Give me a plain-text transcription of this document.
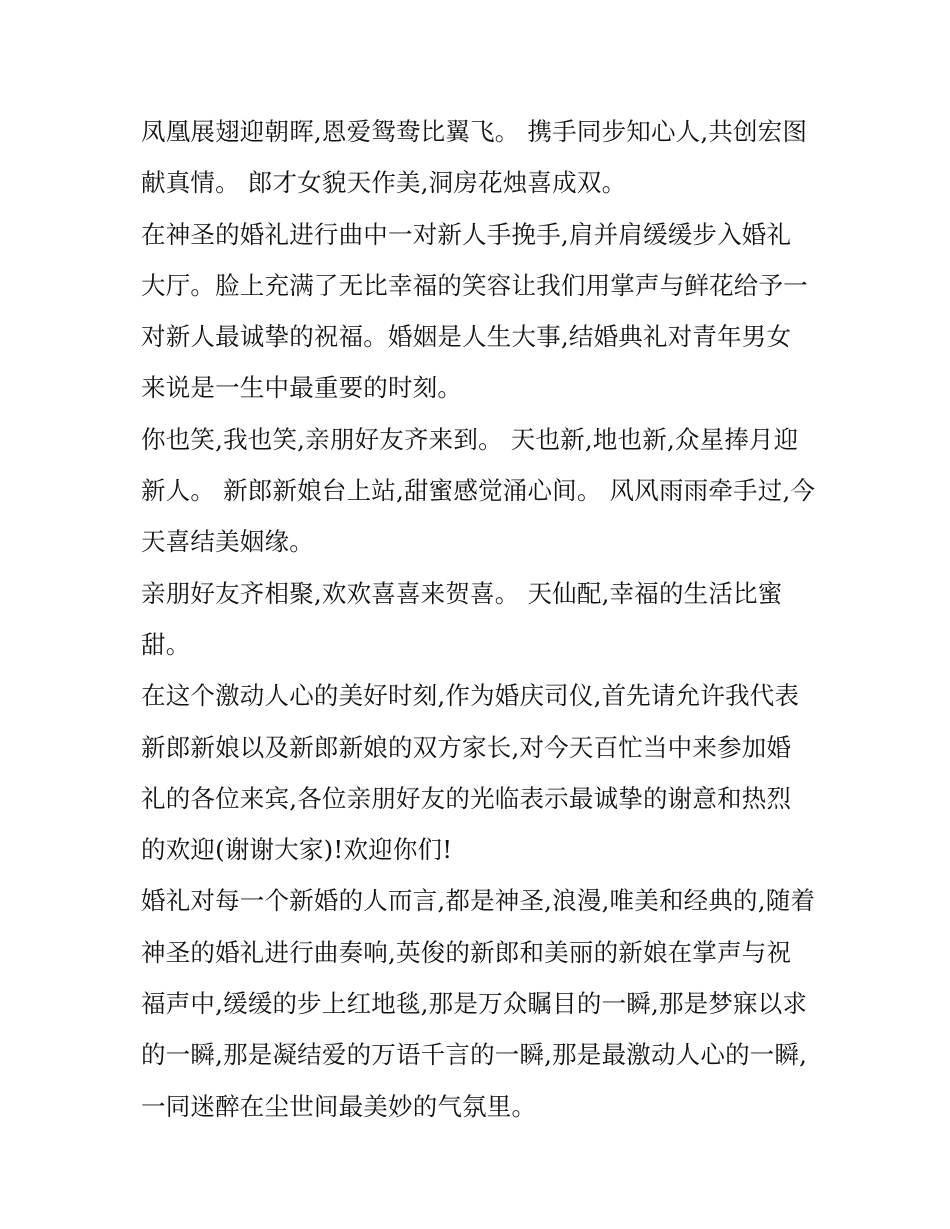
凤凰展翅迎朝晖,恩爱鸳鸯比翼飞。 携手同步知心人,共创宏图
献真情。 郎才女貌天作美,洞房花烛喜成双。
在神圣的婚礼进行曲中一对新人手挽手,肩并肩缓缓步入婚礼
大厅。脸上充满了无比幸福的笑容让我们用掌声与鲜花给予一
对新人最诚挚的祝福。婚姻是人生大事,结婚典礼对青年男女
来说是一生中最重要的时刻。
你也笑,我也笑,亲朋好友齐来到。 天也新,地也新,众星捧月迎
新人。 新郎新娘台上站,甜蜜感觉涌心间。 风风雨雨牵手过,今
天喜结美姻缘。
亲朋好友齐相聚,欢欢喜喜来贺喜。 天仙配,幸福的生活比蜜
甜。
在这个激动人心的美好时刻,作为婚庆司仪,首先请允许我代表
新郎新娘以及新郎新娘的双方家长,对今天百忙当中来参加婚
礼的各位来宾,各位亲朋好友的光临表示最诚挚的谢意和热烈
的欢迎(谢谢大家)!欢迎你们!
婚礼对每一个新婚的人而言,都是神圣,浪漫,唯美和经典的,随着
神圣的婚礼进行曲奏响,英俊的新郎和美丽的新娘在掌声与祝
福声中,缓缓的步上红地毯,那是万众瞩目的一瞬,那是梦寐以求
的一瞬,那是凝结爱的万语千言的一瞬,那是最激动人心的一瞬,
一同迷醉在尘世间最美妙的气氛里。
